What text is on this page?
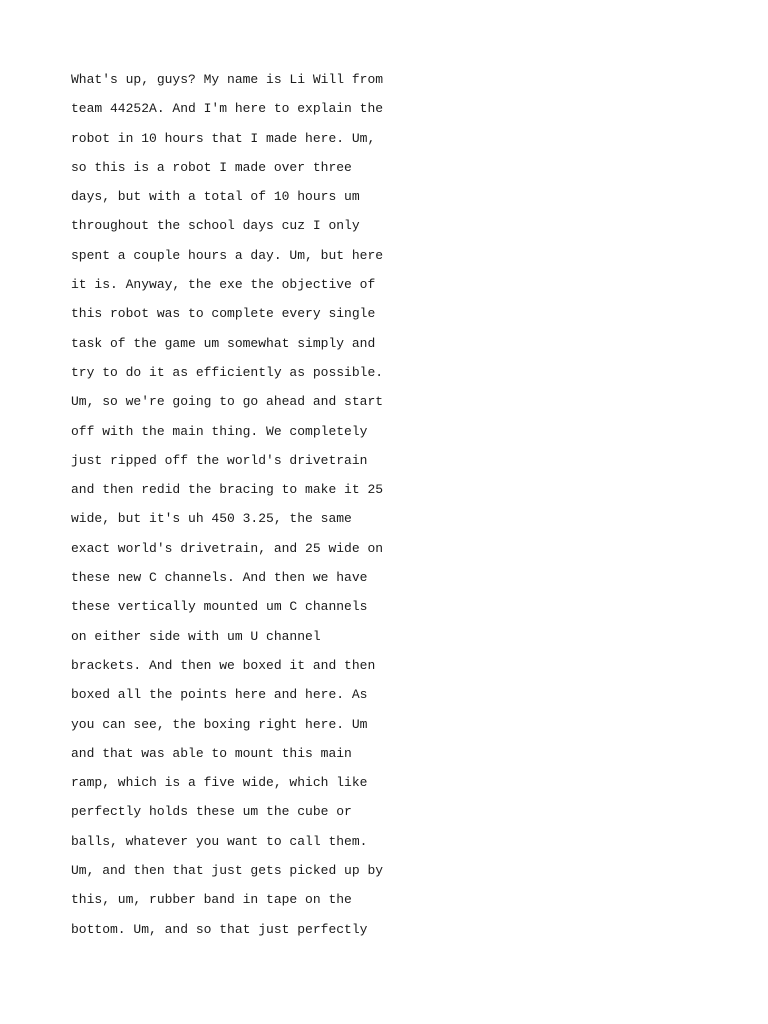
What's up, guys? My name is Li Will from
team 44252A. And I'm here to explain the
robot in 10 hours that I made here. Um,
so this is a robot I made over three
days, but with a total of 10 hours um
throughout the school days cuz I only
spent a couple hours a day. Um, but here
it is. Anyway, the exe the objective of
this robot was to complete every single
task of the game um somewhat simply and
try to do it as efficiently as possible.
Um, so we're going to go ahead and start
off with the main thing. We completely
just ripped off the world's drivetrain
and then redid the bracing to make it 25
wide, but it's uh 450 3.25, the same
exact world's drivetrain, and 25 wide on
these new C channels. And then we have
these vertically mounted um C channels
on either side with um U channel
brackets. And then we boxed it and then
boxed all the points here and here. As
you can see, the boxing right here. Um
and that was able to mount this main
ramp, which is a five wide, which like
perfectly holds these um the cube or
balls, whatever you want to call them.
Um, and then that just gets picked up by
this, um, rubber band in tape on the
bottom. Um, and so that just perfectly
